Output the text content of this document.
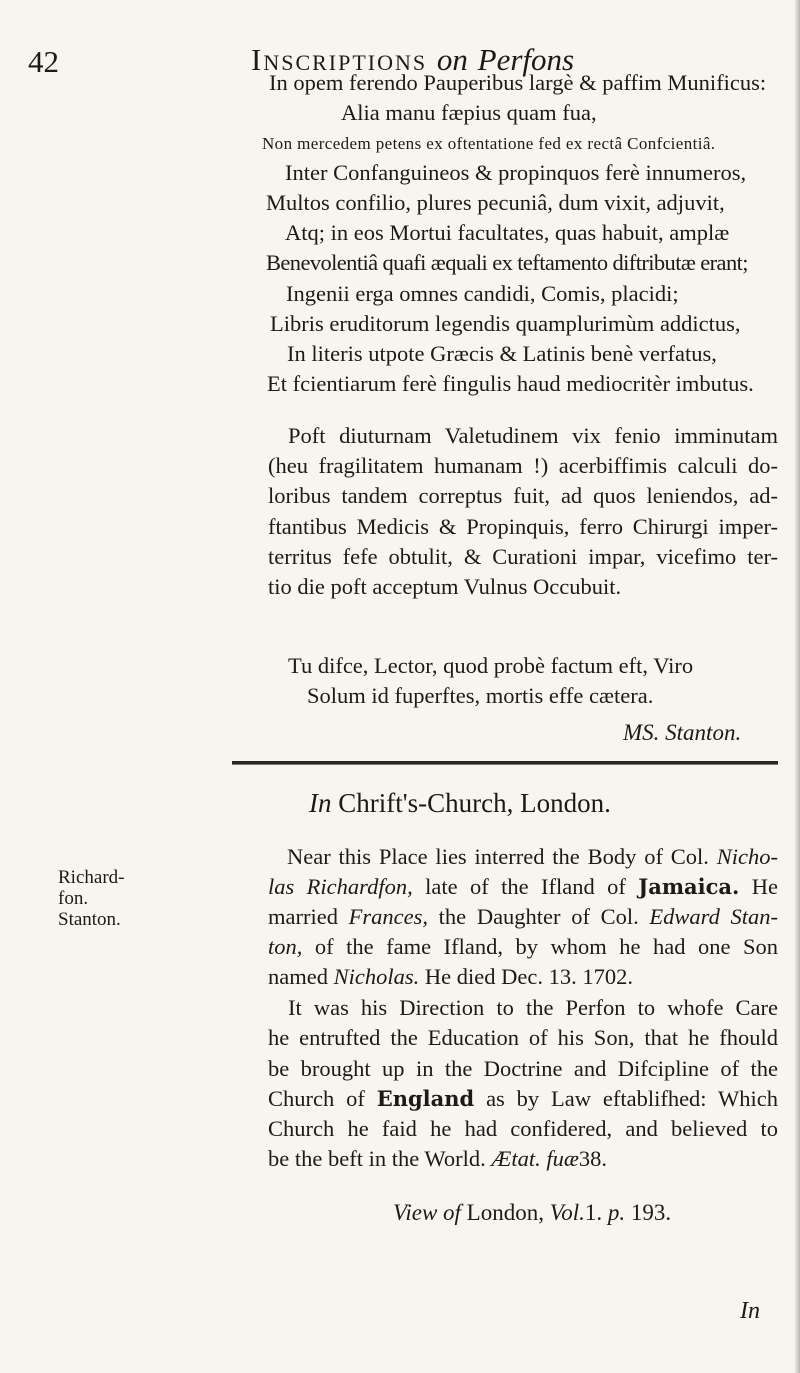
42	Inscriptions on Perfons
In opem ferendo Pauperibus largè & paffim Munificus:
Alia manu fæpius quam fua,
Non mercedem petens ex oftentatione fed ex rectâ Confcientiâ.
Inter Confanguineos & propinquos ferè innumeros,
Multos confilio, plures pecuniâ, dum vixit, adjuvit,
Atq; in eos Mortui facultates, quas habuit, amplæ
Benevolentiâ quafi æquali ex teftamento diftributæ erant;
Ingenii erga omnes candidi, Comis, placidi;
Libris eruditorum legendis quamplurimùm addictus,
In literis utpote Græcis & Latinis benè verfatus,
Et fcientiarum ferè fingulis haud mediocritèr imbutus.
Poft diuturnam Valetudinem vix fenio imminutam
(heu fragilitatem humanam !) acerbiffimis calculi do-
loribus tandem correptus fuit, ad quos leniendos, ad-
ftantibus Medicis & Propinquis, ferro Chirurgi imper-
territus fefe obtulit, & Curationi impar, vicefimo ter-
tio die poft acceptum Vulnus Occubuit.
Tu difce, Lector, quod probè factum eft, Viro
Solum id fuperftes, mortis effe cætera.
MS. Stanton.
In Chrift's-Church, London.
Richard-
fon.
Stanton.
Near this Place lies interred the Body of Col. Nicho-
las Richardfon, late of the Ifland of Jamaica. He
married Frances, the Daughter of Col. Edward Stan-
ton, of the fame Ifland, by whom he had one Son
named Nicholas. He died Dec. 13. 1702.
It was his Direction to the Perfon to whofe Care
he entrufted the Education of his Son, that he fhould
be brought up in the Doctrine and Difcipline of the
Church of England as by Law eftablifhed: Which
Church he faid he had confidered, and believed to
be the beft in the World. Ætat. fuæ38.
View of London, Vol.1. p. 193.
In
